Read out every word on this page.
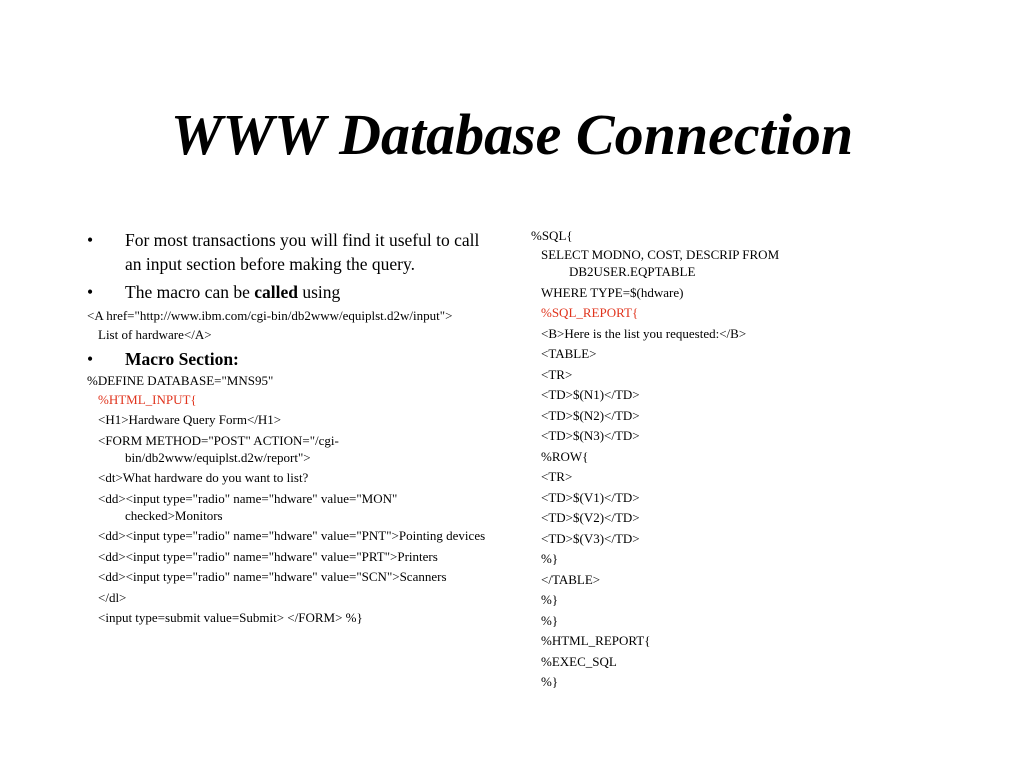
WWW Database Connection
• For most transactions you will find it useful to call an input section before making the query.
• The macro can be called using
<A href="http://www.ibm.com/cgi-bin/db2www/equiplst.d2w/input">
List of hardware</A>
• Macro Section:
%DEFINE DATABASE="MNS95"
%HTML_INPUT{
<H1>Hardware Query Form</H1>
<FORM METHOD="POST" ACTION="/cgi-bin/db2www/equiplst.d2w/report">
<dt>What hardware do you want to list?
<dd><input type="radio" name="hdware" value="MON" checked>Monitors
<dd><input type="radio" name="hdware" value="PNT">Pointing devices
<dd><input type="radio" name="hdware" value="PRT">Printers
<dd><input type="radio" name="hdware" value="SCN">Scanners
</dl>
<input type=submit value=Submit> </FORM> %}
%SQL{
SELECT MODNO, COST, DESCRIP FROM DB2USER.EQPTABLE
WHERE TYPE=$(hdware)
%SQL_REPORT{
<B>Here is the list you requested:</B>
<TABLE>
<TR>
<TD>$(N1)</TD>
<TD>$(N2)</TD>
<TD>$(N3)</TD>
%ROW{
<TR>
<TD>$(V1)</TD>
<TD>$(V2)</TD>
<TD>$(V3)</TD>
%}
</TABLE>
%}
%}
%HTML_REPORT{
%EXEC_SQL
%}
